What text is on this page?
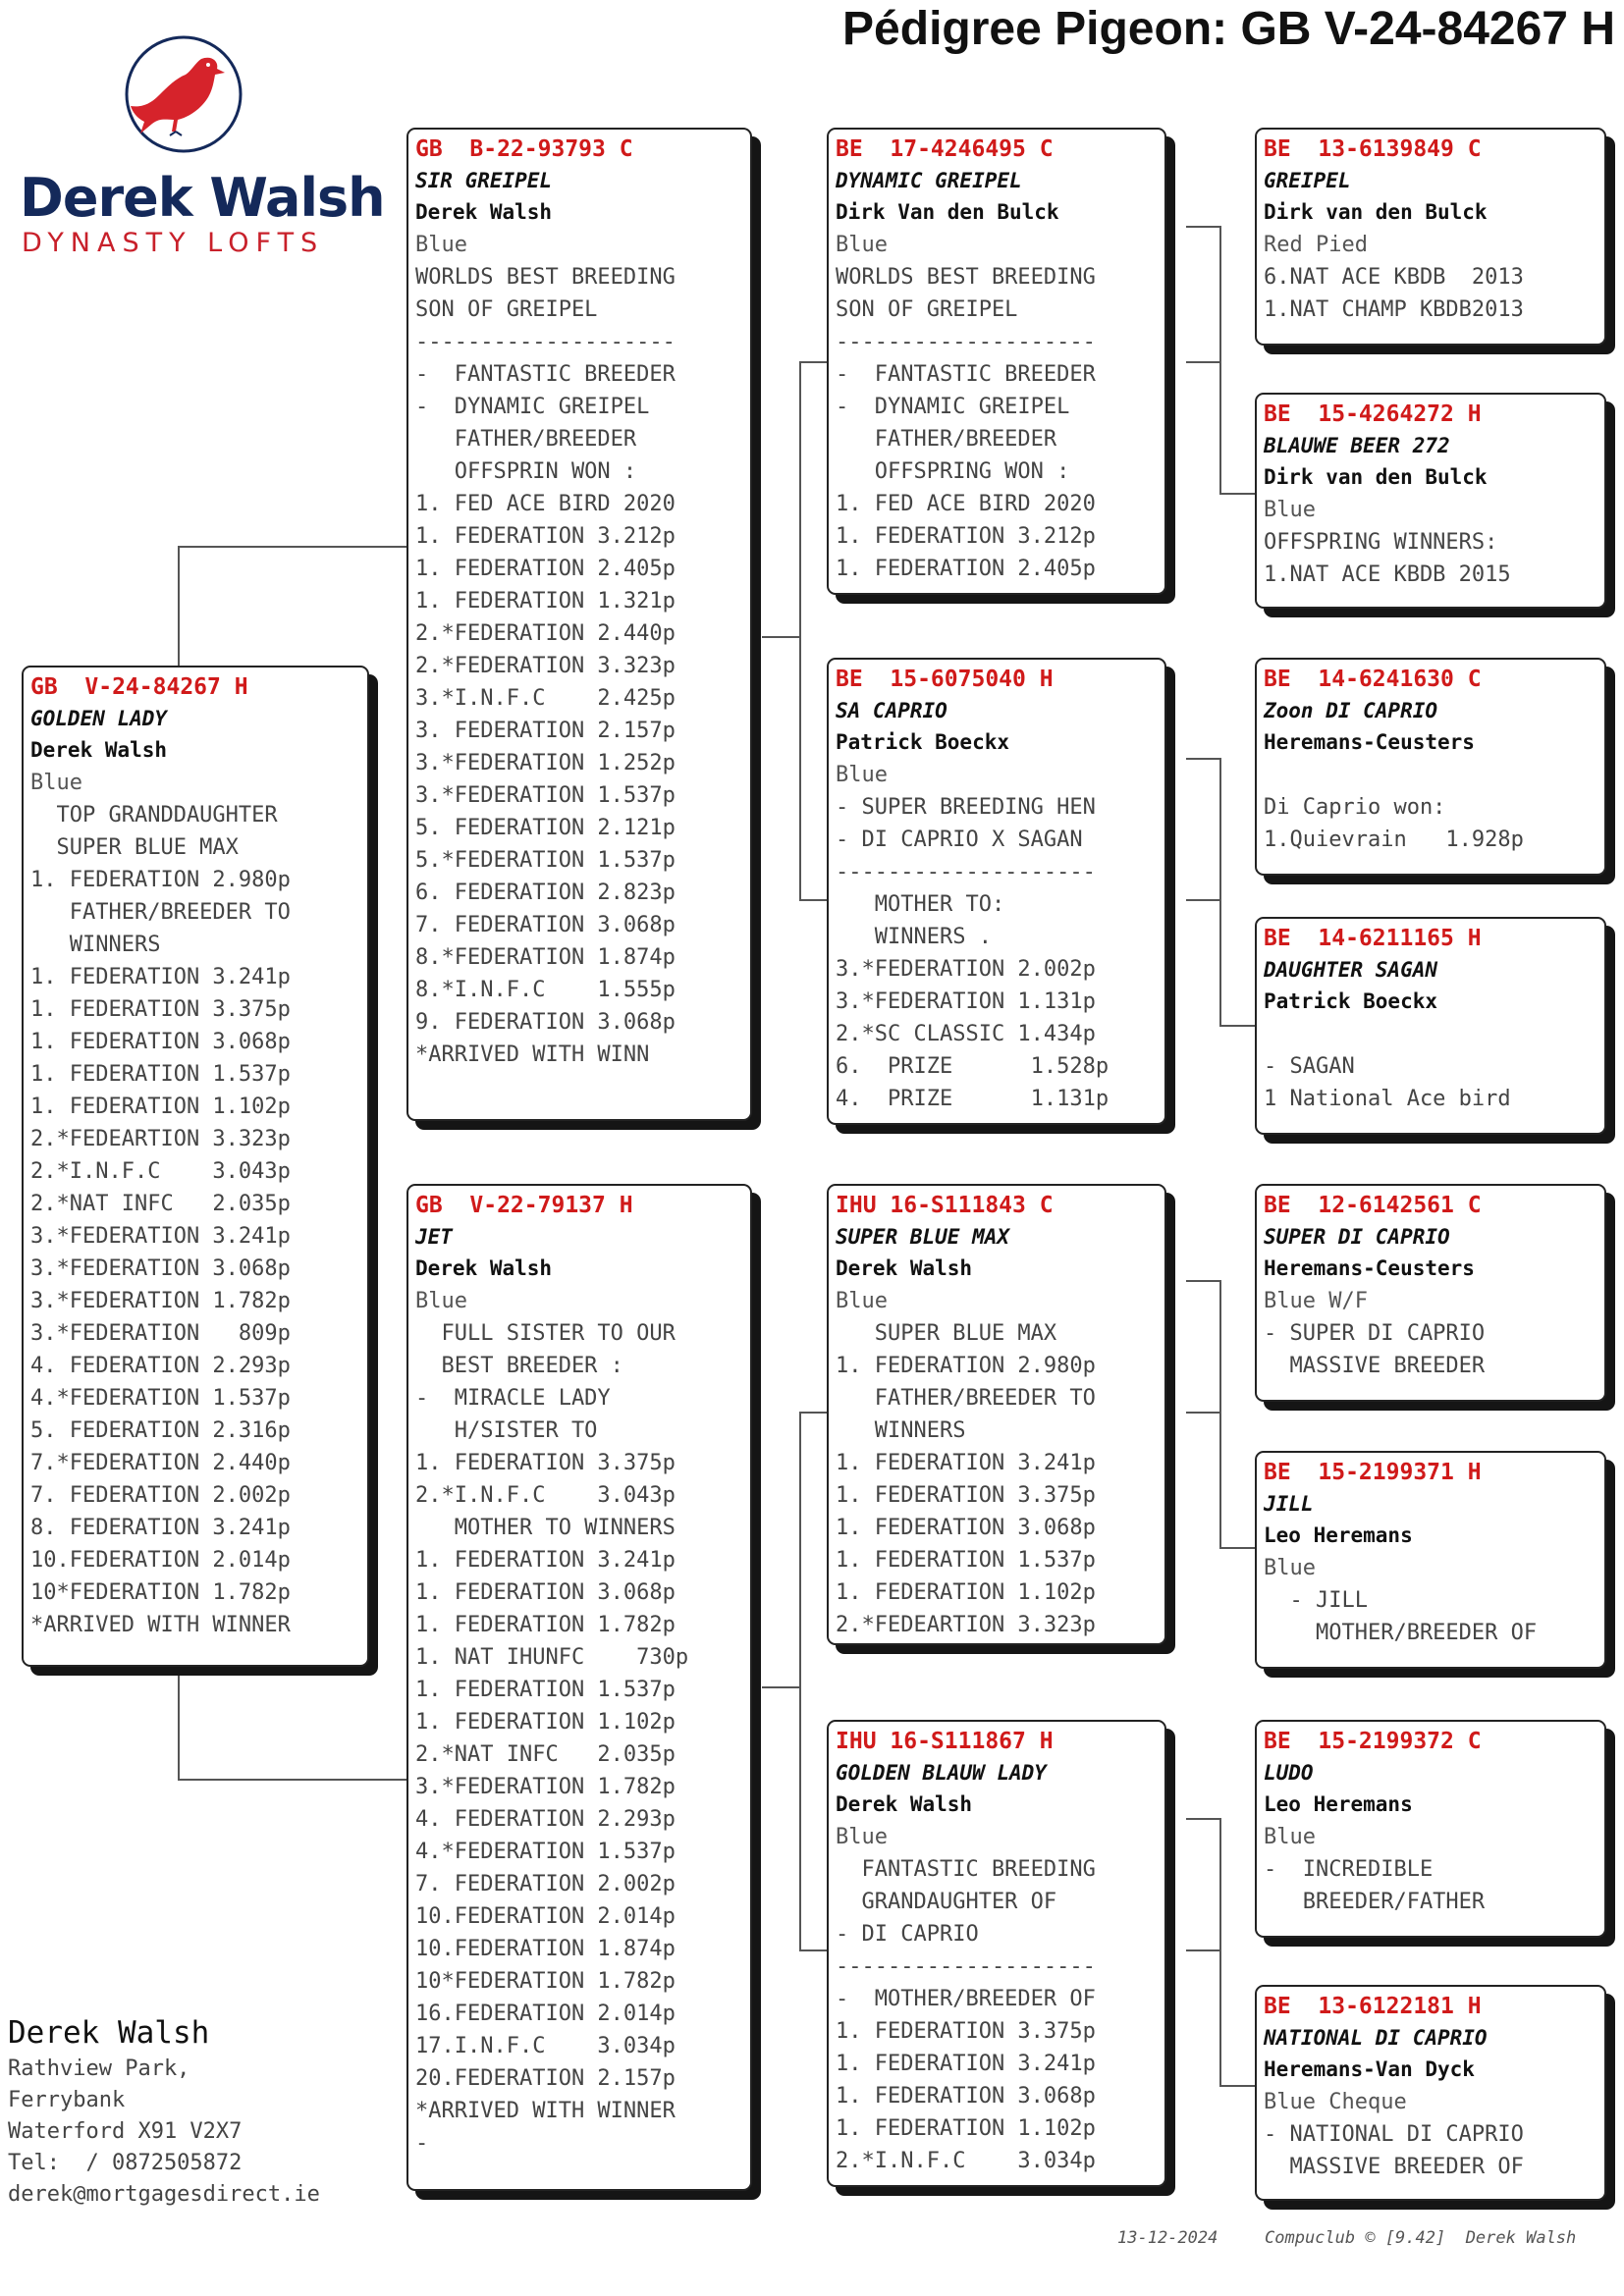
Pédigree Pigeon: GB V-24-84267 H
Derek Walsh
DYNASTY LOFTS
GB  V-24-84267 H
GOLDEN LADY
Derek Walsh
Blue
TOP GRANDDAUGHTER
SUPER BLUE MAX
1. FEDERATION 2.980p
FATHER/BREEDER TO
WINNERS
1. FEDERATION 3.241p
1. FEDERATION 3.375p
1. FEDERATION 3.068p
1. FEDERATION 1.537p
1. FEDERATION 1.102p
2.*FEDEARTION 3.323p
2.*I.N.F.C    3.043p
2.*NAT INFC   2.035p
3.*FEDERATION 3.241p
3.*FEDERATION 3.068p
3.*FEDERATION 1.782p
3.*FEDERATION   809p
4. FEDERATION 2.293p
4.*FEDERATION 1.537p
5. FEDERATION 2.316p
7.*FEDERATION 2.440p
7. FEDERATION 2.002p
8. FEDERATION 3.241p
10.FEDERATION 2.014p
10*FEDERATION 1.782p
*ARRIVED WITH WINNER
GB  B-22-93793 C
SIR GREIPEL
Derek Walsh
Blue
WORLDS BEST BREEDING
SON OF GREIPEL
--------------------
-  FANTASTIC BREEDER
-  DYNAMIC GREIPEL
FATHER/BREEDER
OFFSPRIN WON :
1. FED ACE BIRD 2020
1. FEDERATION 3.212p
1. FEDERATION 2.405p
1. FEDERATION 1.321p
2.*FEDERATION 2.440p
2.*FEDERATION 3.323p
3.*I.N.F.C    2.425p
3. FEDERATION 2.157p
3.*FEDERATION 1.252p
3.*FEDERATION 1.537p
5. FEDERATION 2.121p
5.*FEDERATION 1.537p
6. FEDERATION 2.823p
7. FEDERATION 3.068p
8.*FEDERATION 1.874p
8.*I.N.F.C    1.555p
9. FEDERATION 3.068p
*ARRIVED WITH WINN
GB  V-22-79137 H
JET
Derek Walsh
Blue
FULL SISTER TO OUR
BEST BREEDER :
-  MIRACLE LADY
H/SISTER TO
1. FEDERATION 3.375p
2.*I.N.F.C    3.043p
MOTHER TO WINNERS
1. FEDERATION 3.241p
1. FEDERATION 3.068p
1. FEDERATION 1.782p
1. NAT IHUNFC    730p
1. FEDERATION 1.537p
1. FEDERATION 1.102p
2.*NAT INFC   2.035p
3.*FEDERATION 1.782p
4. FEDERATION 2.293p
4.*FEDERATION 1.537p
7. FEDERATION 2.002p
10.FEDERATION 2.014p
10.FEDERATION 1.874p
10*FEDERATION 1.782p
16.FEDERATION 2.014p
17.I.N.F.C    3.034p
20.FEDERATION 2.157p
*ARRIVED WITH WINNER
-
BE  17-4246495 C
DYNAMIC GREIPEL
Dirk Van den Bulck
Blue
WORLDS BEST BREEDING
SON OF GREIPEL
--------------------
-  FANTASTIC BREEDER
-  DYNAMIC GREIPEL
FATHER/BREEDER
OFFSPRING WON :
1. FED ACE BIRD 2020
1. FEDERATION 3.212p
1. FEDERATION 2.405p
BE  15-6075040 H
SA CAPRIO
Patrick Boeckx
Blue
- SUPER BREEDING HEN
- DI CAPRIO X SAGAN
--------------------
MOTHER TO:
WINNERS .
3.*FEDERATION 2.002p
3.*FEDERATION 1.131p
2.*SC CLASSIC 1.434p
6.  PRIZE      1.528p
4.  PRIZE      1.131p
IHU 16-S111843 C
SUPER BLUE MAX
Derek Walsh
Blue
SUPER BLUE MAX
1. FEDERATION 2.980p
FATHER/BREEDER TO
WINNERS
1. FEDERATION 3.241p
1. FEDERATION 3.375p
1. FEDERATION 3.068p
1. FEDERATION 1.537p
1. FEDERATION 1.102p
2.*FEDEARTION 3.323p
IHU 16-S111867 H
GOLDEN BLAUW LADY
Derek Walsh
Blue
FANTASTIC BREEDING
GRANDAUGHTER OF
- DI CAPRIO
--------------------
-  MOTHER/BREEDER OF
1. FEDERATION 3.375p
1. FEDERATION 3.241p
1. FEDERATION 3.068p
1. FEDERATION 1.102p
2.*I.N.F.C    3.034p
BE  13-6139849 C
GREIPEL
Dirk van den Bulck
Red Pied
6.NAT ACE KBDB  2013
1.NAT CHAMP KBDB2013
BE  15-4264272 H
BLAUWE BEER 272
Dirk van den Bulck
Blue
OFFSPRING WINNERS:
1.NAT ACE KBDB 2015
BE  14-6241630 C
Zoon DI CAPRIO
Heremans-Ceusters

Di Caprio won:
1.Quievrain   1.928p
BE  14-6211165 H
DAUGHTER SAGAN
Patrick Boeckx

- SAGAN
1 National Ace bird
BE  12-6142561 C
SUPER DI CAPRIO
Heremans-Ceusters
Blue W/F
- SUPER DI CAPRIO
MASSIVE BREEDER
BE  15-2199371 H
JILL
Leo Heremans
Blue
- JILL
MOTHER/BREEDER OF
BE  15-2199372 C
LUDO
Leo Heremans
Blue
-  INCREDIBLE
BREEDER/FATHER
BE  13-6122181 H
NATIONAL DI CAPRIO
Heremans-Van Dyck
Blue Cheque
- NATIONAL DI CAPRIO
MASSIVE BREEDER OF
Derek Walsh
Rathview Park,
Ferrybank
Waterford X91 V2X7
Tel:  / 0872505872
derek@mortgagesdirect.ie
13-12-2024	Compuclub © [9.42]  Derek Walsh
